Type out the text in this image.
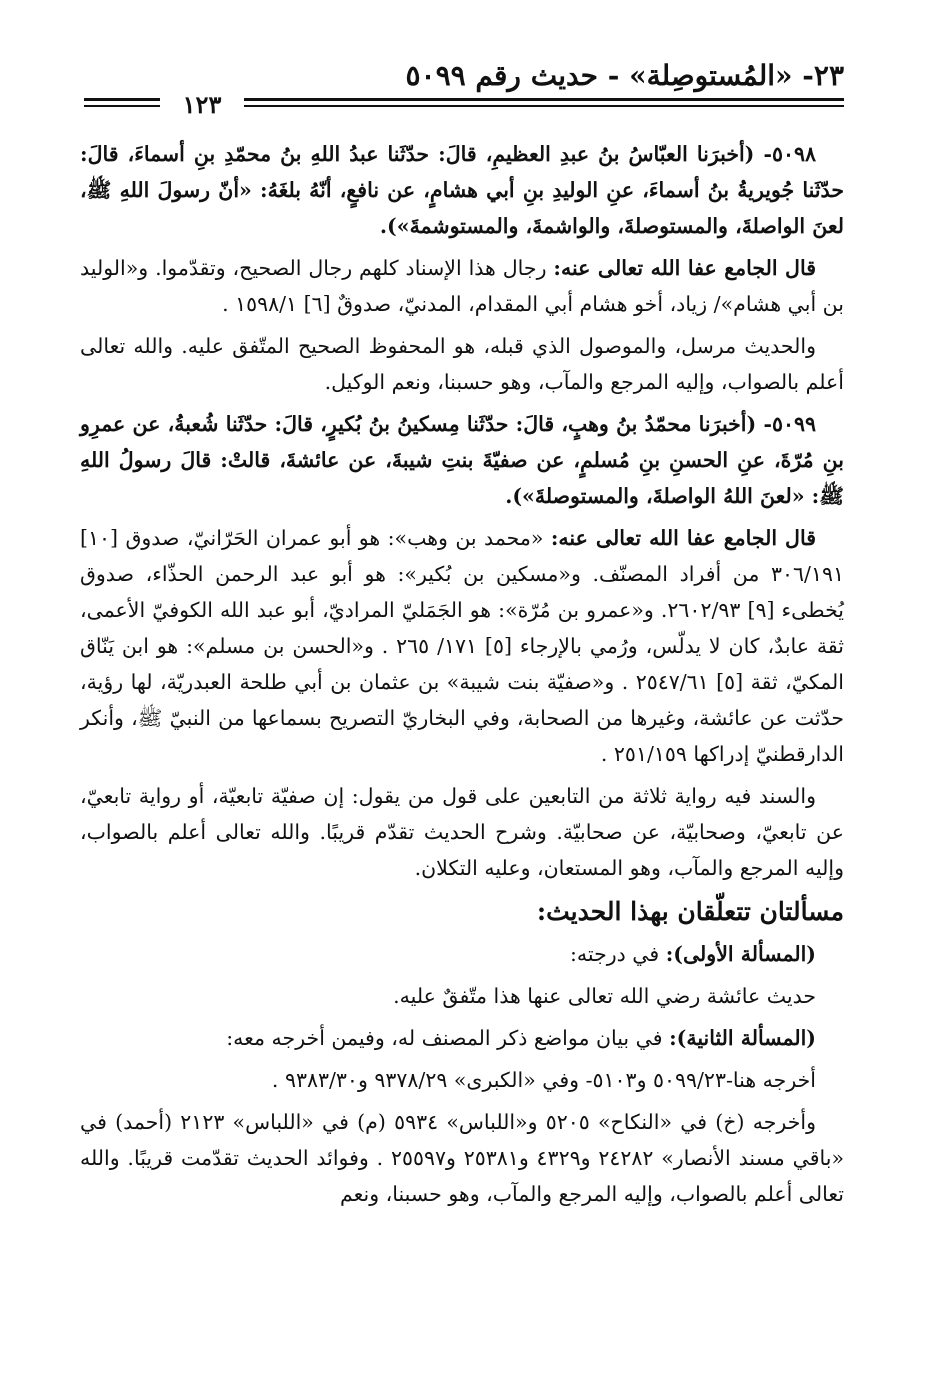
٢٣- «المُستوصِلة» - حديث رقم ٥٠٩٩
١٢٣

٥٠٩٨- (أخبرَنا العبّاسُ بنُ عبدِ العظيمِ، قالَ: حدّثَنا عبدُ اللهِ بنُ محمّدِ بنِ أسماءَ، قالَ: حدّثَنا جُويريةُ بنُ أسماءَ، عنِ الوليدِ بنِ أبي هشامٍ، عن نافعٍ، أنّهُ بلغَهُ: «أنّ رسولَ اللهِ ﷺ، لعنَ الواصلةَ، والمستوصلةَ، والواشمةَ، والمستوشمةَ»).

قال الجامع عفا الله تعالى عنه: رجال هذا الإسناد كلهم رجال الصحيح، وتقدّموا. و«الوليد بن أبي هشام»/ زياد، أخو هشام أبي المقدام، المدنيّ، صدوقٌ [٦] ١٥٩٨/١ .

والحديث مرسل، والموصول الذي قبله، هو المحفوظ الصحيح المتّفق عليه. والله تعالى أعلم بالصواب، وإليه المرجع والمآب، وهو حسبنا، ونعم الوكيل.

٥٠٩٩- (أخبرَنا محمّدُ بنُ وهبٍ، قالَ: حدّثَنا مِسكينُ بنُ بُكيرٍ، قالَ: حدّثَنا شُعبةُ، عن عمرِو بنِ مُرّةَ، عنِ الحسنِ بنِ مُسلمٍ، عن صفيّةَ بنتِ شيبةَ، عن عائشةَ، قالتْ: قالَ رسولُ اللهِ ﷺ: «لعنَ اللهُ الواصلةَ، والمستوصلةَ»).

قال الجامع عفا الله تعالى عنه: «محمد بن وهب»: هو أبو عمران الحَرّانيّ، صدوق [١٠] ٣٠٦/١٩١ من أفراد المصنّف. و«مسكين بن بُكير»: هو أبو عبد الرحمن الحذّاء، صدوق يُخطىء [٩] ٢٦٠٢/٩٣. و«عمرو بن مُرّة»: هو الجَمَليّ المراديّ، أبو عبد الله الكوفيّ الأعمى، ثقة عابدٌ، كان لا يدلّس، ورُمي بالإرجاء [٥] ١٧١/ ٢٦٥ . و«الحسن بن مسلم»: هو ابن يَنّاق المكيّ، ثقة [٥] ٢٥٤٧/٦١ . و«صفيّة بنت شيبة» بن عثمان بن أبي طلحة العبدريّة، لها رؤية، حدّثت عن عائشة، وغيرها من الصحابة، وفي البخاريّ التصريح بسماعها من النبيّ ﷺ، وأنكر الدارقطنيّ إدراكها ٢٥١/١٥٩ .

والسند فيه رواية ثلاثة من التابعين على قول من يقول: إن صفيّة تابعيّة، أو رواية تابعيّ، عن تابعيّ، وصحابيّة، عن صحابيّة. وشرح الحديث تقدّم قريبًا. والله تعالى أعلم بالصواب، وإليه المرجع والمآب، وهو المستعان، وعليه التكلان.

مسألتان تتعلّقان بهذا الحديث:

(المسألة الأولى): في درجته:

حديث عائشة رضي الله تعالى عنها هذا متّفقٌ عليه.

(المسألة الثانية): في بيان مواضع ذكر المصنف له، وفيمن أخرجه معه:

أخرجه هنا-٥٠٩٩/٢٣ و٥١٠٣- وفي «الكبرى» ٩٣٧٨/٢٩ و٩٣٨٣/٣٠ .

وأخرجه (خ) في «النكاح» ٥٢٠٥ و«اللباس» ٥٩٣٤ (م) في «اللباس» ٢١٢٣ (أحمد) في «باقي مسند الأنصار» ٢٤٢٨٢ و٤٣٢٩ و٢٥٣٨١ و٢٥٥٩٧ . وفوائد الحديث تقدّمت قريبًا. والله تعالى أعلم بالصواب، وإليه المرجع والمآب، وهو حسبنا، ونعم
